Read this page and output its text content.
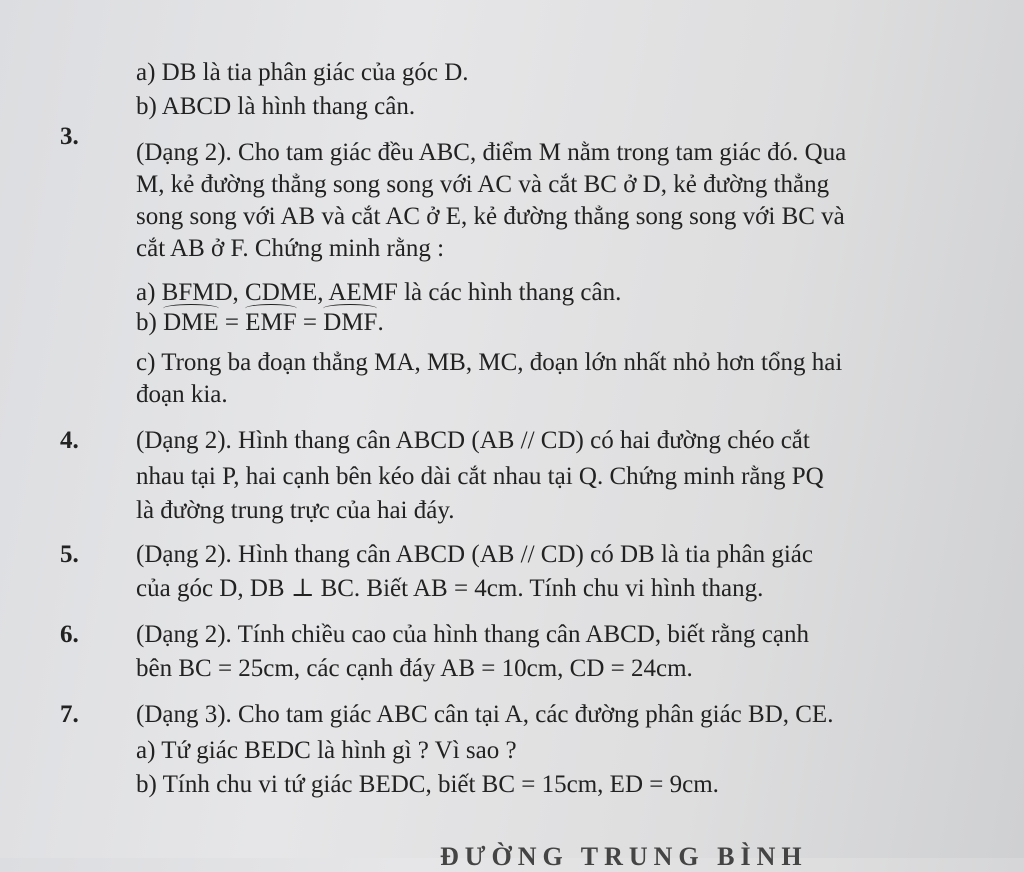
a) DB là tia phân giác của góc D.
b) ABCD là hình thang cân.
3.
(Dạng 2). Cho tam giác đều ABC, điểm M nằm trong tam giác đó. Qua
M, kẻ đường thẳng song song với AC và cắt BC ở D, kẻ đường thẳng
song song với AB và cắt AC ở E, kẻ đường thẳng song song với BC và
cắt AB ở F. Chứng minh rằng :
a) BFMD, CDME, AEMF là các hình thang cân.
b) DME = EMF = DMF.
c) Trong ba đoạn thẳng MA, MB, MC, đoạn lớn nhất nhỏ hơn tổng hai
đoạn kia.
4. (Dạng 2). Hình thang cân ABCD (AB // CD) có hai đường chéo cắt
nhau tại P, hai cạnh bên kéo dài cắt nhau tại Q. Chứng minh rằng PQ
là đường trung trực của hai đáy.
5. (Dạng 2). Hình thang cân ABCD (AB // CD) có DB là tia phân giác
của góc D, DB ⊥ BC. Biết AB = 4cm. Tính chu vi hình thang.
6. (Dạng 2). Tính chiều cao của hình thang cân ABCD, biết rằng cạnh
bên BC = 25cm, các cạnh đáy AB = 10cm, CD = 24cm.
7. (Dạng 3). Cho tam giác ABC cân tại A, các đường phân giác BD, CE.
a) Tứ giác BEDC là hình gì ? Vì sao ?
b) Tính chu vi tứ giác BEDC, biết BC = 15cm, ED = 9cm.
ĐƯỜNG TRUNG BÌNH
